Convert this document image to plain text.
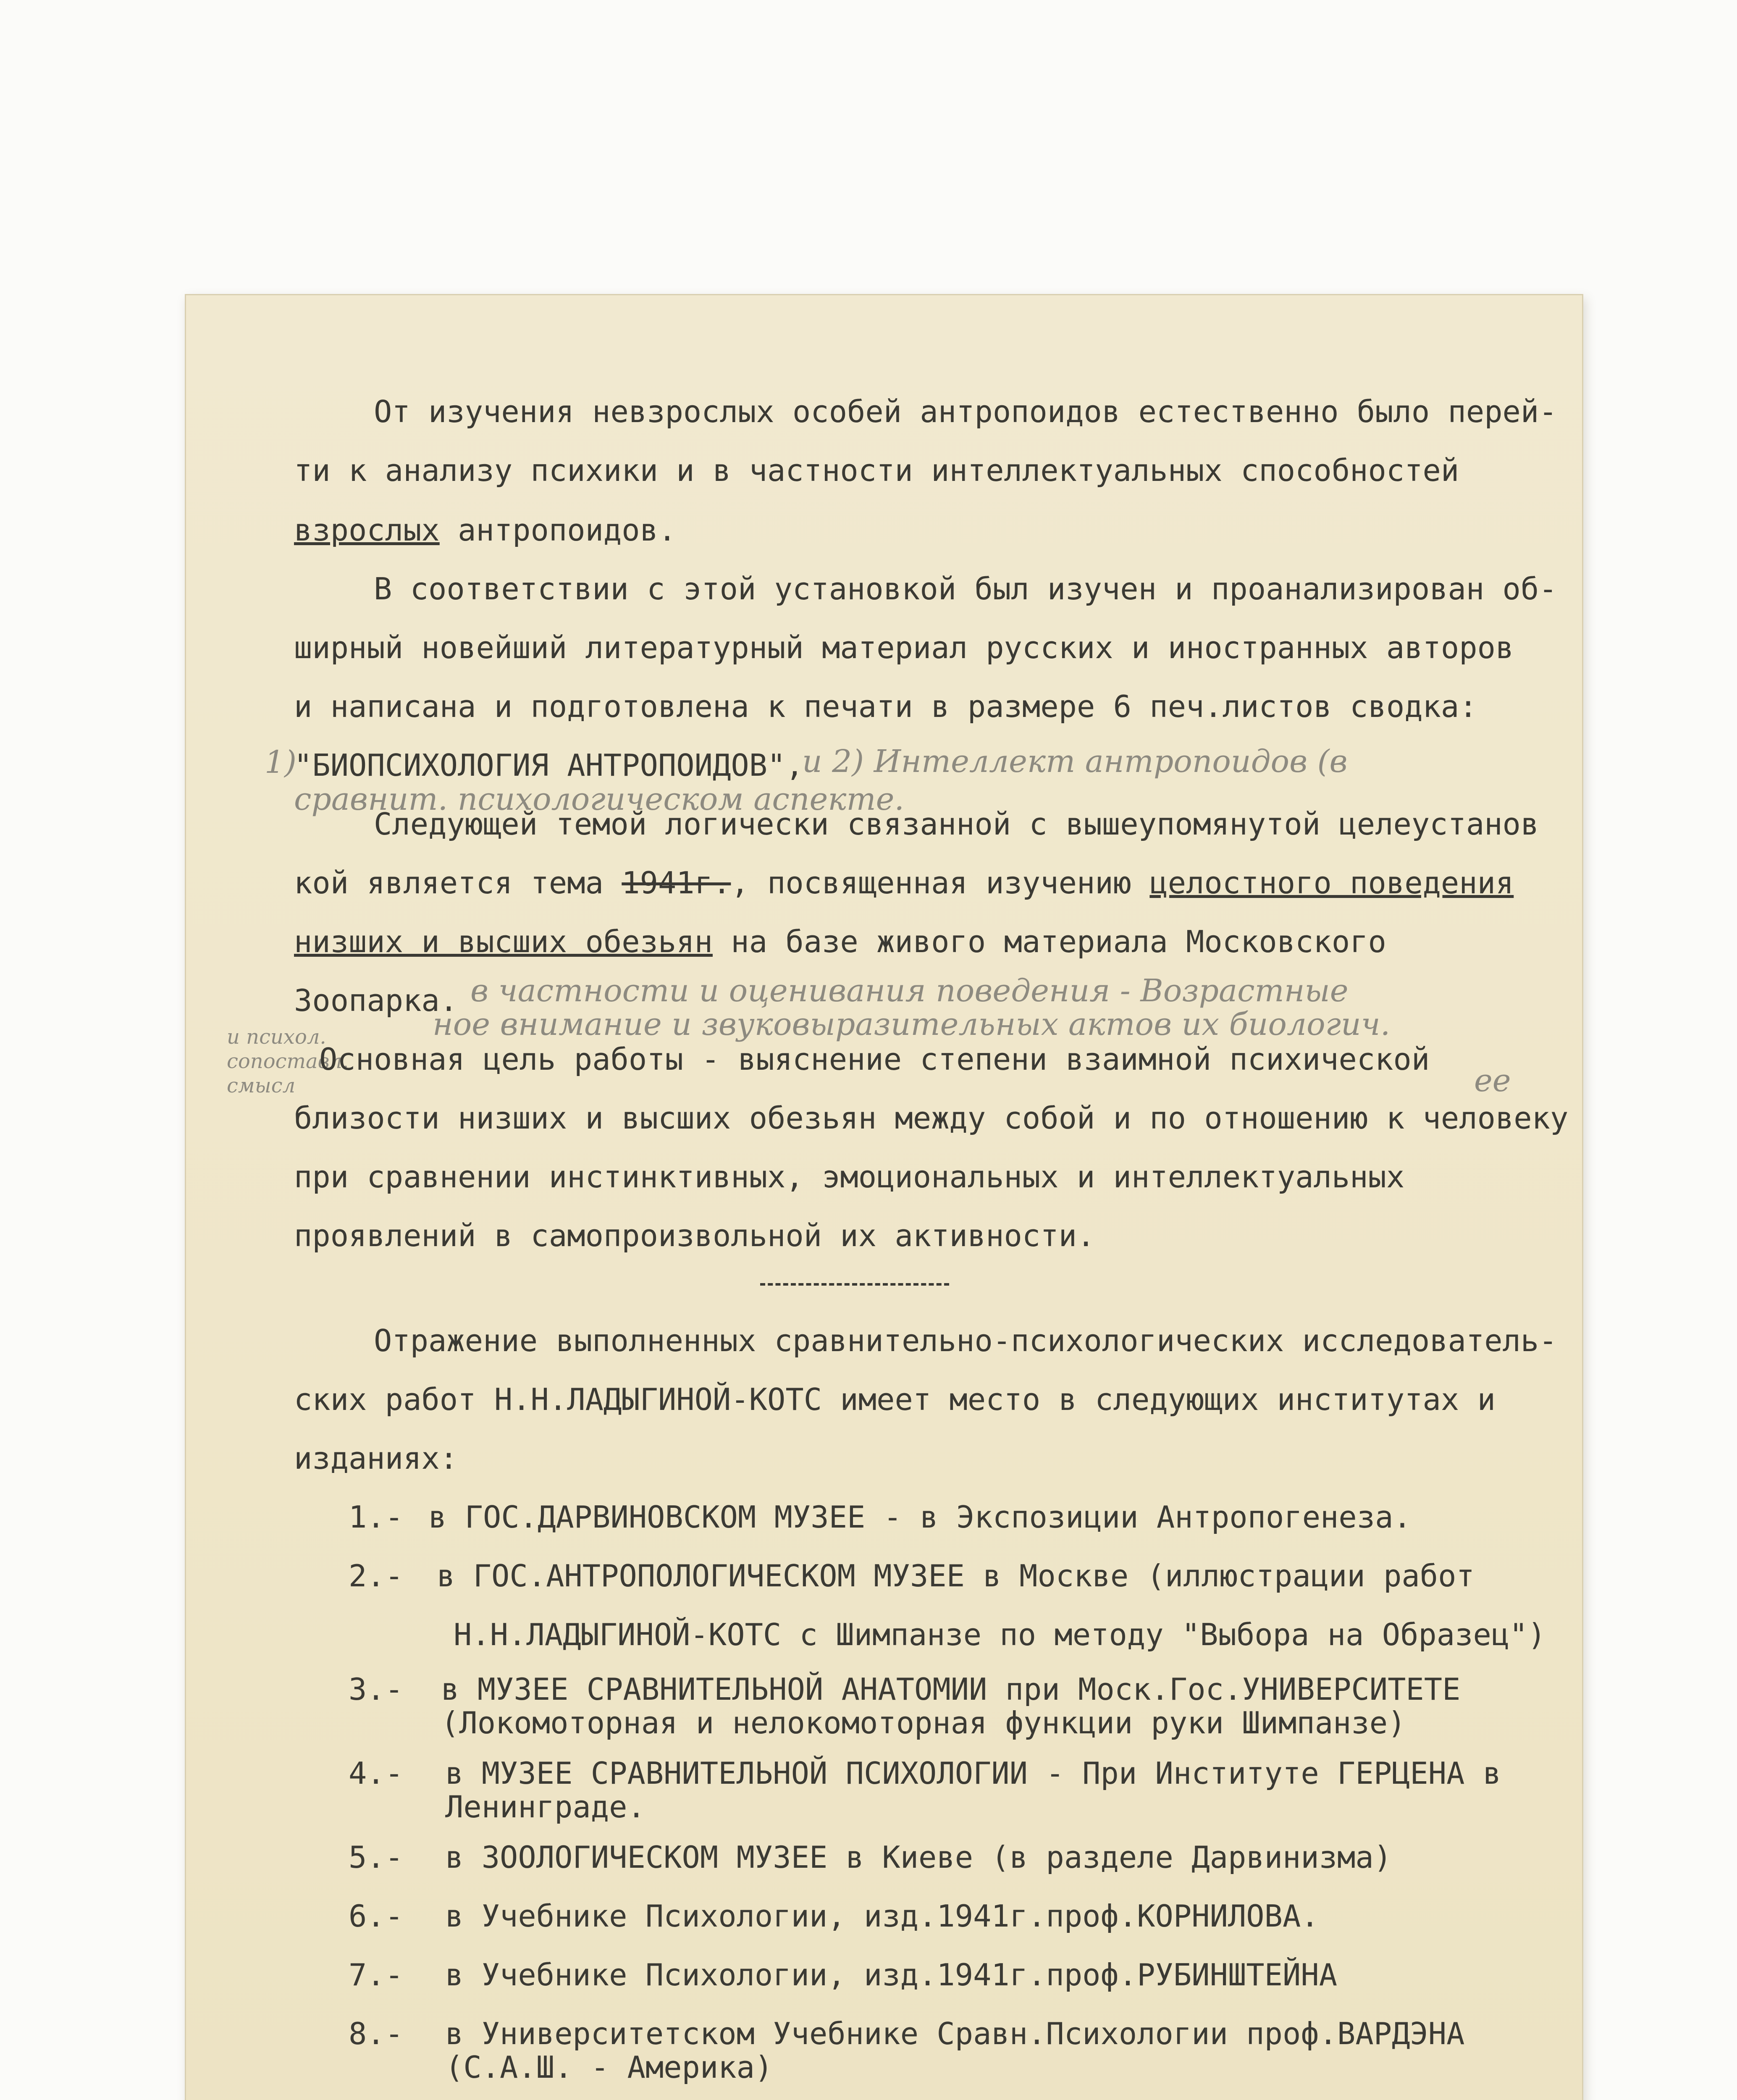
От изучения невзрослых особей антропоидов естественно было перей-
ти к анализу психики и в частности интеллектуальных способностей
взрослых антропоидов.
В соответствии с этой установкой был изучен и проанализирован об-
ширный новейший литературный материал русских и иностранных авторов
и написана и подготовлена к печати в размере 6 печ.листов сводка:
1)
"БИОПСИХОЛОГИЯ АНТРОПОИДОВ",
и 2) Интеллект антропоидов (в
сравнит. психологическом аспекте.
Следующей темой логически связанной с вышеупомянутой целеустанов
кой является тема 1941г., посвященная изучению целостного поведения
низших и высших обезьян на базе живого материала Московского
Зоопарка. в частности и оценивания поведения - Возрастные
ное внимание и звуковыразительных актов их биологич.
и психол.
сопоставл.
смысл
Основная цель работы - выяснение степени взаимной психической
ее
близости низших и высших обезьян между собой и по отношению к человеку
при сравнении инстинктивных, эмоциональных и интеллектуальных
проявлений в самопроизвольной их активности.
Отражение выполненных сравнительно-психологических исследователь-
ских работ Н.Н.ЛАДЫГИНОЙ-КОТС имеет место в следующих институтах и
изданиях:
1.- в ГОС.ДАРВИНОВСКОМ МУЗЕЕ - в Экспозиции Антропогенеза.
2.- в ГОС.АНТРОПОЛОГИЧЕСКОМ МУЗЕЕ в Москве (иллюстрации работ
Н.Н.ЛАДЫГИНОЙ-КОТС с Шимпанзе по методу "Выбора на Образец")
3.- в МУЗЕЕ СРАВНИТЕЛЬНОЙ АНАТОМИИ при Моск.Гос.УНИВЕРСИТЕТЕ
(Локомоторная и нелокомоторная функции руки Шимпанзе)
4.- в МУЗЕЕ СРАВНИТЕЛЬНОЙ ПСИХОЛОГИИ - При Институте ГЕРЦЕНА в
Ленинграде.
5.- в ЗООЛОГИЧЕСКОМ МУЗЕЕ в Киеве (в разделе Дарвинизма)
6.- в Учебнике Психологии, изд.1941г.проф.КОРНИЛОВА.
7.- в Учебнике Психологии, изд.1941г.проф.РУБИНШТЕЙНА
8.- в Университетском Учебнике Сравн.Психологии проф.ВАРДЭНА
(С.А.Ш. - Америка)
